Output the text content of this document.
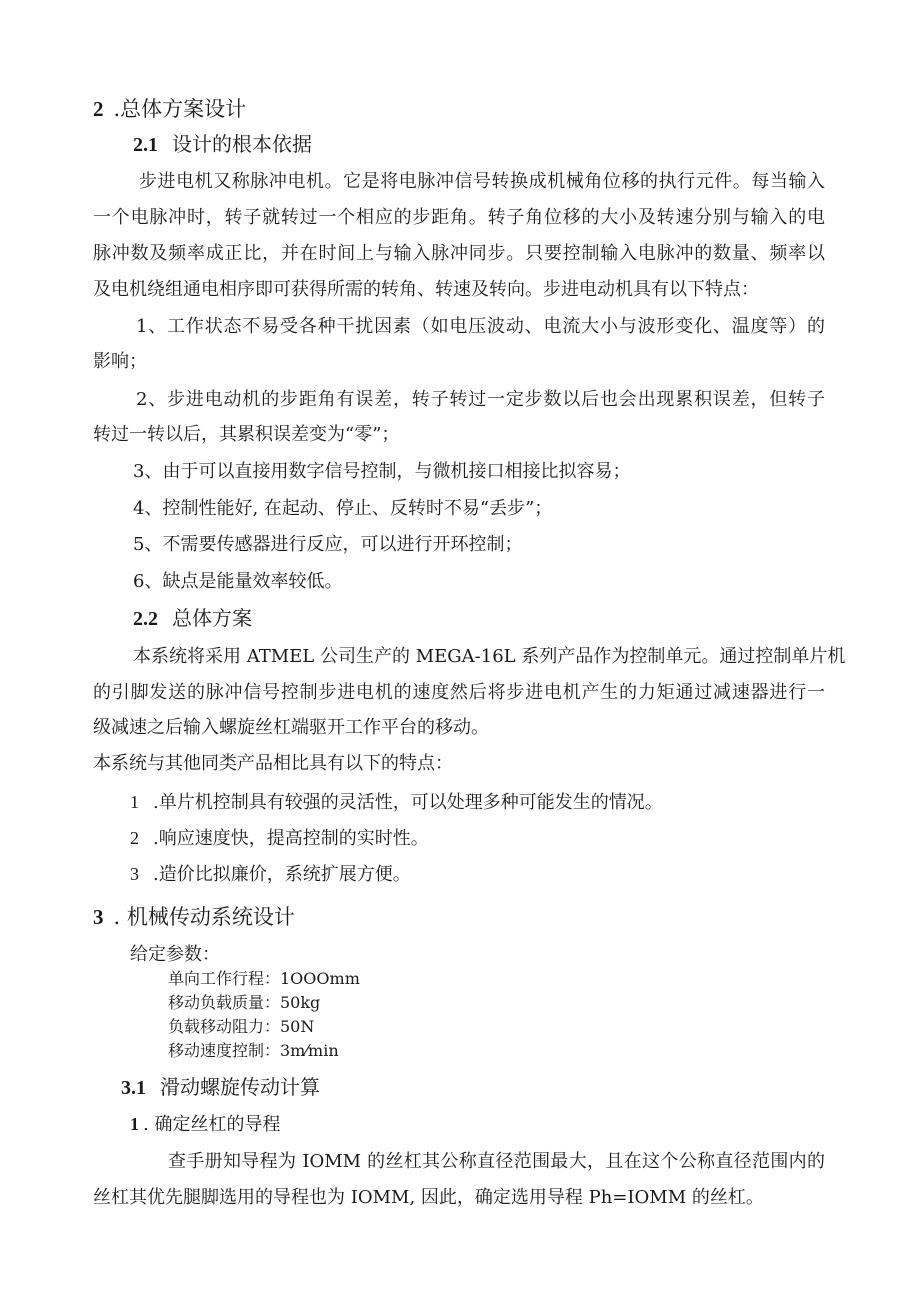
2 .总体方案设计
2.1 设计的根本依据
步进电机又称脉冲电机。它是将电脉冲信号转换成机械角位移的执行元件。每当输入
一个电脉冲时，转子就转过一个相应的步距角。转子角位移的大小及转速分别与输入的电
脉冲数及频率成正比，并在时间上与输入脉冲同步。只要控制输入电脉冲的数量、频率以
及电机绕组通电相序即可获得所需的转角、转速及转向。步进电动机具有以下特点：
1、工作状态不易受各种干扰因素（如电压波动、电流大小与波形变化、温度等）的
影响；
2、步进电动机的步距角有误差，转子转过一定步数以后也会出现累积误差，但转子
转过一转以后，其累积误差变为“零”；
3、由于可以直接用数字信号控制，与微机接口相接比拟容易；
4、控制性能好, 在起动、停止、反转时不易“丢步”；
5、不需要传感器进行反应，可以进行开环控制；
6、缺点是能量效率较低。
2.2 总体方案
本系统将采用 ATMEL 公司生产的 MEGA-16L 系列产品作为控制单元。通过控制单片机
的引脚发送的脉冲信号控制步进电机的速度然后将步进电机产生的力矩通过减速器进行一
级减速之后输入螺旋丝杠端驱开工作平台的移动。
本系统与其他同类产品相比具有以下的特点：
1 .单片机控制具有较强的灵活性，可以处理多种可能发生的情况。
2 .响应速度快，提高控制的实时性。
3 .造价比拟廉价，系统扩展方便。
3 . 机械传动系统设计
给定参数：
单向工作行程：1OOOmm
移动负载质量：50kg
负载移动阻力：50N
移动速度控制：3m⁄min
3.1 滑动螺旋传动计算
1 . 确定丝杠的导程
查手册知导程为 IOMM 的丝杠其公称直径范围最大，且在这个公称直径范围内的
丝杠其优先腿脚选用的导程也为 IOMM, 因此，确定选用导程 Ph=IOMM 的丝杠。
